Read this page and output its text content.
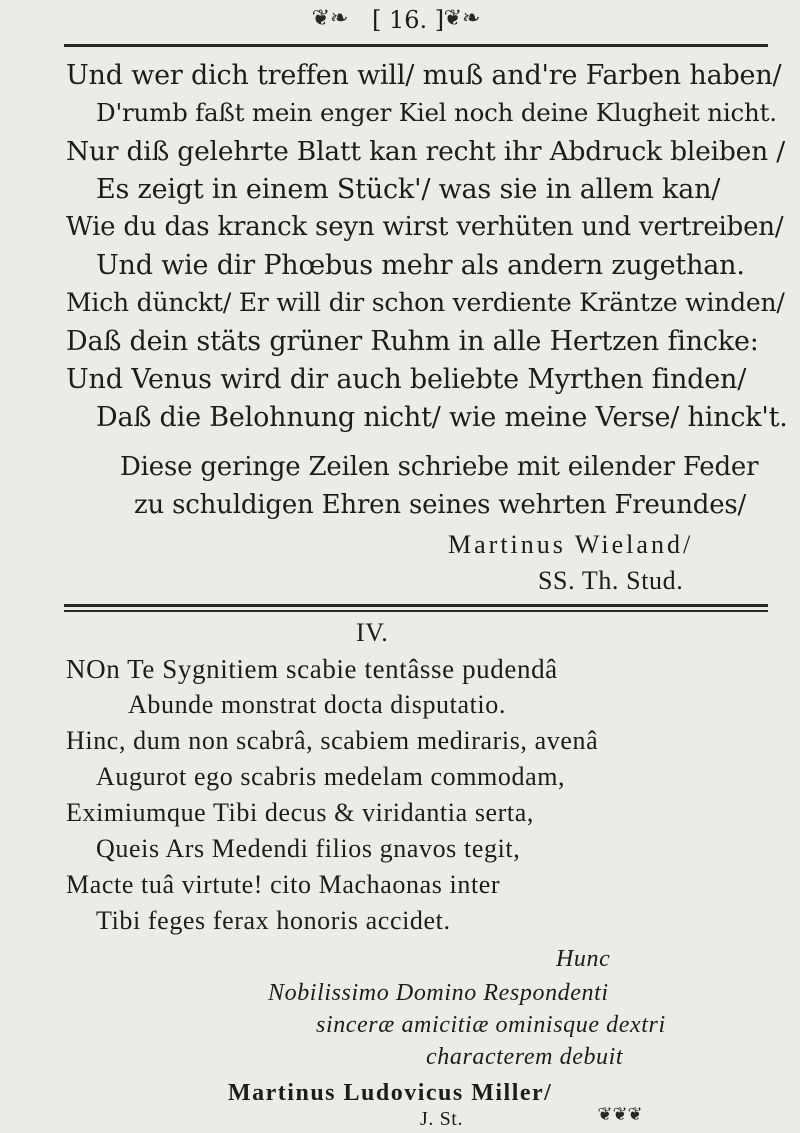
❦❧ [ 16. ] ❦❧
Und wer dich treffen will/ muß and're Farben haben/
D'rumb faßt mein enger Kiel noch deine Klugheit nicht.
Nur diß gelehrte Blatt kan recht ihr Abdruck bleiben /
Es zeigt in einem Stück'/ was sie in allem kan/
Wie du das kranck seyn wirst verhüten und vertreiben/
Und wie dir Phœbus mehr als andern zugethan.
Mich dünckt/ Er will dir schon verdiente Kräntze winden/
Daß dein stäts grüner Ruhm in alle Hertzen fincke:
Und Venus wird dir auch beliebte Myrthen finden/
Daß die Belohnung nicht/ wie meine Verse/ hinck't.
Diese geringe Zeilen schriebe mit eilender Feder
zu schuldigen Ehren seines wehrten Freundes/
Martinus Wieland/
SS. Th. Stud.
IV.
NOn Te Sygnitiem scabie tentâsse pudendâ
Abunde monstrat docta disputatio.
Hinc, dum non scabrâ, scabiem mediraris, avenâ
Augurot ego scabris medelam commodam,
Eximiumque Tibi decus & viridantia serta,
Queis Ars Medendi filios gnavos tegit,
Macte tuâ virtute! cito Machaonas inter
Tibi feges ferax honoris accidet.
Hunc
Nobilissimo Domino Respondenti
sinceræ amicitiæ ominisque dextri
characterem debuit
Martinus Ludovicus Miller/
J. St.	❦❦❦
